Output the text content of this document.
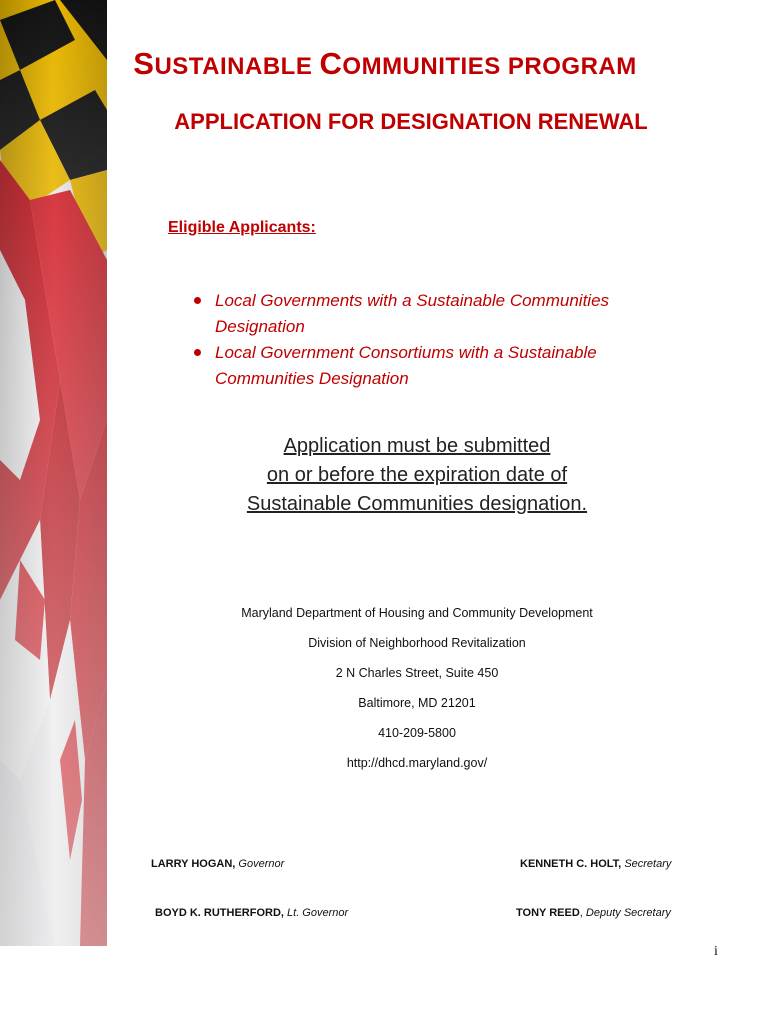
SUSTAINABLE COMMUNITIES PROGRAM
APPLICATION FOR DESIGNATION RENEWAL
Eligible Applicants:
Local Governments with a Sustainable Communities Designation
Local Government Consortiums with a Sustainable Communities Designation
Application must be submitted
on or before the expiration date of
Sustainable Communities designation.
Maryland Department of Housing and Community Development
Division of Neighborhood Revitalization
2 N Charles Street, Suite 450
Baltimore, MD 21201
410-209-5800
http://dhcd.maryland.gov/
LARRY HOGAN, Governor	KENNETH C. HOLT, Secretary
BOYD K. RUTHERFORD, Lt. Governor	TONY REED, Deputy Secretary
i
